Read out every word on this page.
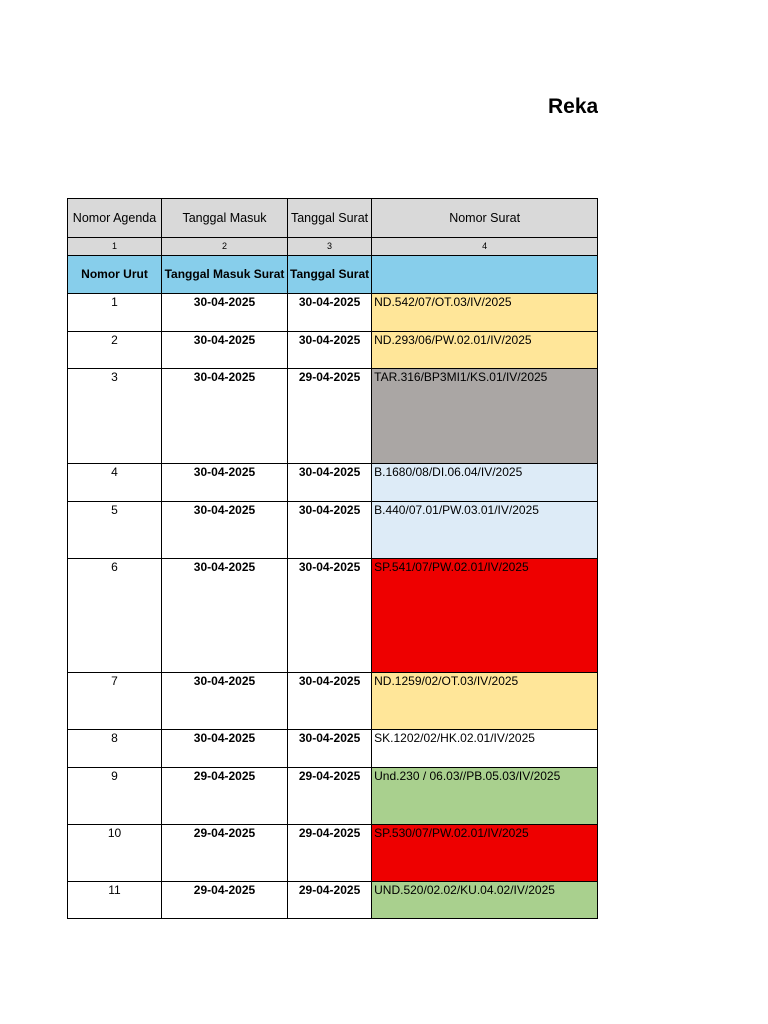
Reka
Nomor Agenda	Tanggal Masuk	Tanggal Surat	Nomor Surat
1	2	3	4
Nomor Urut	Tanggal Masuk Surat	Tanggal Surat	
1	30-04-2025	30-04-2025	ND.542/07/OT.03/IV/2025
2	30-04-2025	30-04-2025	ND.293/06/PW.02.01/IV/2025
3	30-04-2025	29-04-2025	TAR.316/BP3MI1/KS.01/IV/2025
4	30-04-2025	30-04-2025	B.1680/08/DI.06.04/IV/2025
5	30-04-2025	30-04-2025	B.440/07.01/PW.03.01/IV/2025
6	30-04-2025	30-04-2025	SP.541/07/PW.02.01/IV/2025
7	30-04-2025	30-04-2025	ND.1259/02/OT.03/IV/2025
8	30-04-2025	30-04-2025	SK.1202/02/HK.02.01/IV/2025
9	29-04-2025	29-04-2025	Und.230 / 06.03//PB.05.03/IV/2025
10	29-04-2025	29-04-2025	SP.530/07/PW.02.01/IV/2025
11	29-04-2025	29-04-2025	UND.520/02.02/KU.04.02/IV/2025
